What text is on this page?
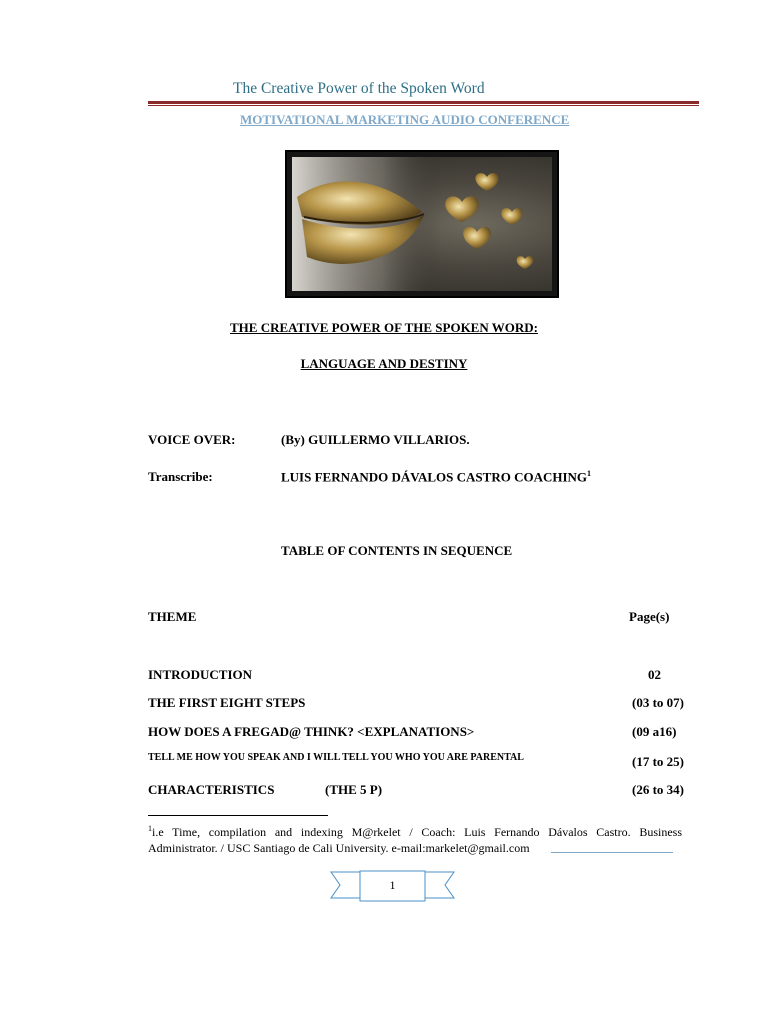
The Creative Power of the Spoken Word
MOTIVATIONAL MARKETING AUDIO CONFERENCE
THE CREATIVE POWER OF THE SPOKEN WORD:
LANGUAGE AND DESTINY
VOICE OVER:	(By) GUILLERMO VILLARIOS.
Transcribe:	LUIS FERNANDO DÁVALOS CASTRO COACHING$^1$
TABLE OF CONTENTS IN SEQUENCE
THEME	Page(s)
INTRODUCTION	02
THE FIRST EIGHT STEPS	(03 to 07)
HOW DOES A FREGAD@ THINK? <EXPLANATIONS>	(09 a16)
TELL ME HOW YOU SPEAK AND I WILL TELL YOU WHO YOU ARE PARENTAL	(17 to 25)
CHARACTERISTICS	(THE 5 P)	(26 to 34)
$^1$i.e Time, compilation and indexing M@rkelet / Coach: Luis Fernando Dávalos Castro. Business Administrator. / USC Santiago de Cali University. e-mail:markelet@gmail.com
1
